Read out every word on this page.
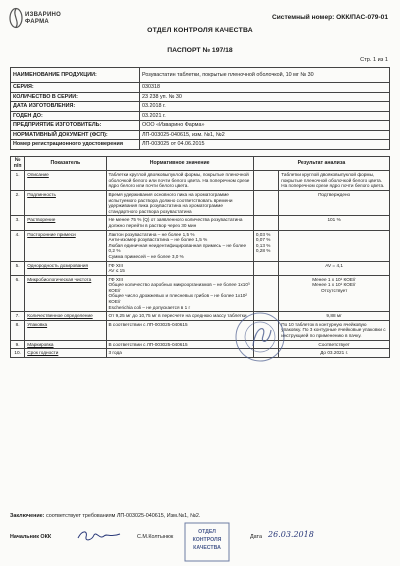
ИЗВАРИНО
ФАРМА
Системный номер: ОКК/ПАС-079-01
ОТДЕЛ КОНТРОЛЯ КАЧЕСТВА
ПАСПОРТ № 197/18
Стр. 1 из 1
НАИМЕНОВАНИЕ ПРОДУКЦИИ:	Розувастатин таблетки, покрытые пленочной оболочкой, 10 мг № 30
СЕРИЯ:	030318
КОЛИЧЕСТВО В СЕРИИ:	23 238 уп. № 30
ДАТА ИЗГОТОВЛЕНИЯ:	03.2018 г.
ГОДЕН ДО:	03.2021 г.
ПРЕДПРИЯТИЕ ИЗГОТОВИТЕЛЬ:	ООО «Изварино Фарма»
НОРМАТИВНЫЙ ДОКУМЕНТ (ФСП):	ЛП-003025-040615, изм. №1, №2
Номер регистрационного удостоверения	ЛП-003025 от 04.06.2015
№ п/п	Показатель	Нормативное значение	Результат анализа	
1.	Описание	Таблетки круглой двояковыпуклой формы, покрытые пленочной оболочкой белого или почти белого цвета. На поперечном срезе ядро белого или почти белого цвета.		Таблетки круглой двояковыпуклой формы, покрытые пленочной оболочкой белого цвета.
На поперечном срезе ядро почти белого цвета.

2.	Подлинность	Время удерживания основного пика на хроматограмме испытуемого раствора должно соответствовать времени удерживания пика розувастатина на хроматограмме стандартного раствора розувастатина		Подтверждено

3.	Растворение	Не менее 75 % (Q) от заявленного количества розувастатина должно перейти в раствор через 30 мин		101 %

4.	Посторонние примеси	Лактон розувастатина – не более 1,5 %
Анти-изомер розувастатина – не более 1,5 %
Любая единичная неидентифицированная примесь – не более 0,2 %
Сумма примесей – не более 3,0 %	0,03 %
0,07 %
0,13 %
0,28 %	

5.	Однородность дозирования	ГФ XIII
AV ≤ 15		AV = 4,1

6.	Микробиологическая чистота	ГФ XIII
Общее количество аэробных микроорганизмов – не более 1х10³ КОЕ/г
Общее число дрожжевых и плесневых грибов – не более 1х10² КОЕ/г
Escherichia coli – не допускается в 1 г		Менее 1 х 10¹ КОЕ/г
Менее 1 х 10¹ КОЕ/г
Отсутствует

7.	Количественное определение	От 9,25 мг до 10,75 мг в пересчете на среднюю массу таблетки		9,88 мг

8.	Упаковка	В соответствии с ЛП-003025-040615		По 10 таблеток в контурную ячейковую упаковку. По 3 контурные ячейковые упаковки с инструкцией по применению в пачку.

9.	Маркировка	В соответствии с ЛП-003025-040615		Соответствует

10.	Срок годности	3 года		До 03.2021 г.
Заключение: соответствует требованиям ЛП-003025-040615, Изм.№1, №2.
Начальник ОКК	С.М.Колтынюк	Дата 26.03.2018
ОТДЕЛ
КОНТРОЛЯ
КАЧЕСТВА
